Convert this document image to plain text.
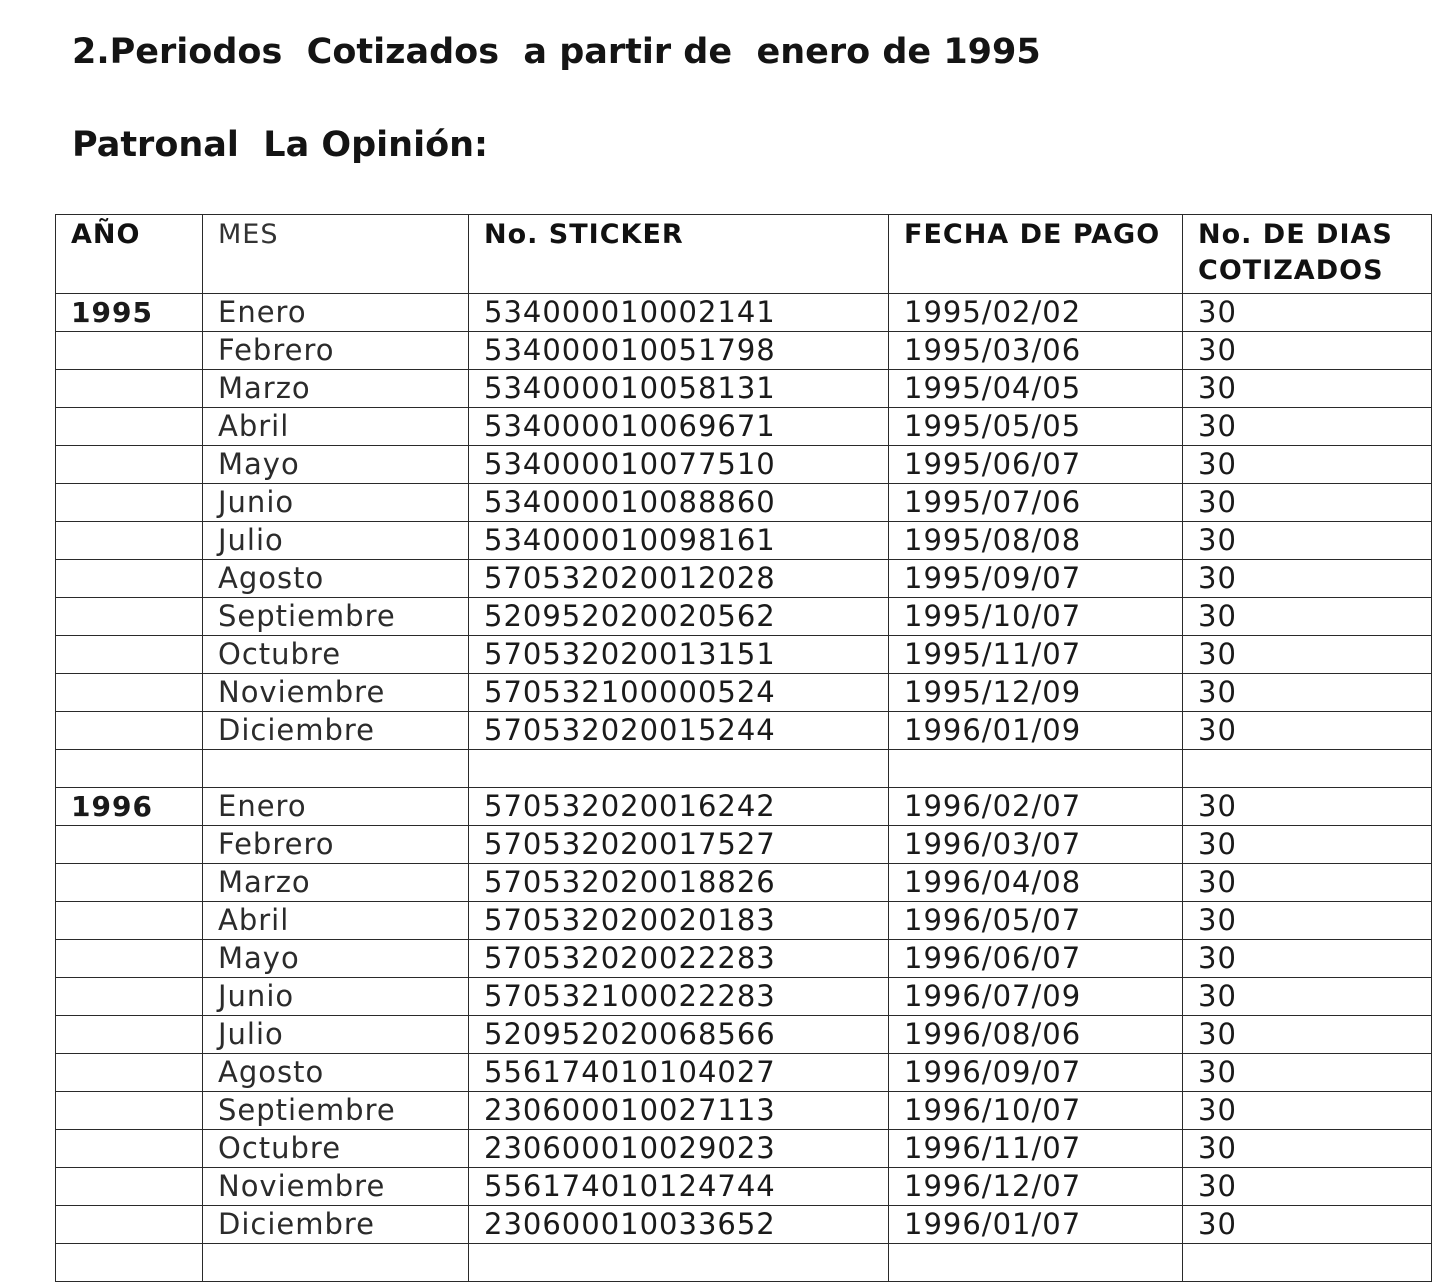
2.Periodos  Cotizados  a partir de  enero de 1995
Patronal  La Opinión:
AÑO	MES	No. STICKER	FECHA DE PAGO	No. DE DIAS COTIZADOS
1995	Enero	534000010002141	1995/02/02	30
	Febrero	534000010051798	1995/03/06	30
	Marzo	534000010058131	1995/04/05	30
	Abril	534000010069671	1995/05/05	30
	Mayo	534000010077510	1995/06/07	30
	Junio	534000010088860	1995/07/06	30
	Julio	534000010098161	1995/08/08	30
	Agosto	570532020012028	1995/09/07	30
	Septiembre	520952020020562	1995/10/07	30
	Octubre	570532020013151	1995/11/07	30
	Noviembre	570532100000524	1995/12/09	30
	Diciembre	570532020015244	1996/01/09	30

1996	Enero	570532020016242	1996/02/07	30
	Febrero	570532020017527	1996/03/07	30
	Marzo	570532020018826	1996/04/08	30
	Abril	570532020020183	1996/05/07	30
	Mayo	570532020022283	1996/06/07	30
	Junio	570532100022283	1996/07/09	30
	Julio	520952020068566	1996/08/06	30
	Agosto	556174010104027	1996/09/07	30
	Septiembre	230600010027113	1996/10/07	30
	Octubre	230600010029023	1996/11/07	30
	Noviembre	556174010124744	1996/12/07	30
	Diciembre	230600010033652	1996/01/07	30
